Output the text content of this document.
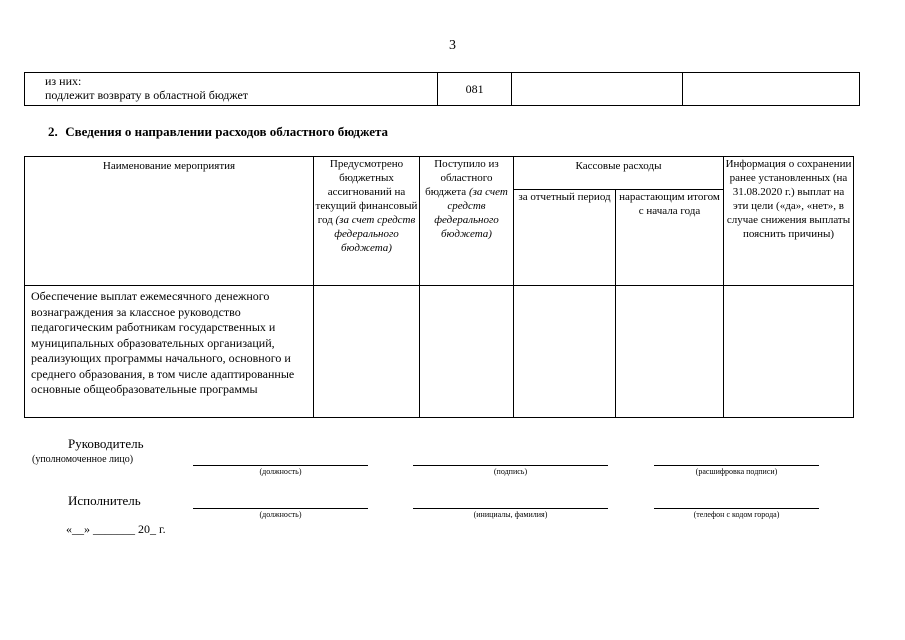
3
из них:
подлежит возврату в областной бюджет	081		
2. Сведения о направлении расходов областного бюджета
Наименование мероприятия	Предусмотрено бюджетных ассигнований на текущий финансовый год (за счет средств федерального бюджета)	Поступило из областного бюджета (за счет средств федерального бюджета)	Кассовые расходы		Информация о сохранении ранее установленных (на 31.08.2020 г.) выплат на эти цели («да», «нет», в случае снижения выплаты пояснить причины)
			за отчетный период	нарастающим итогом с начала года	
Обеспечение выплат ежемесячного денежного вознаграждения за классное руководство педагогическим работникам государственных и муниципальных образовательных организаций, реализующих программы начального, основного и среднего образования, в том числе адаптированные основные общеобразовательные программы					
Руководитель
(уполномоченное лицо)
(должность)	(подпись)	(расшифровка подписи)
Исполнитель
(должность)	(инициалы, фамилия)	(телефон с кодом города)
«__» _______ 20_ г.
